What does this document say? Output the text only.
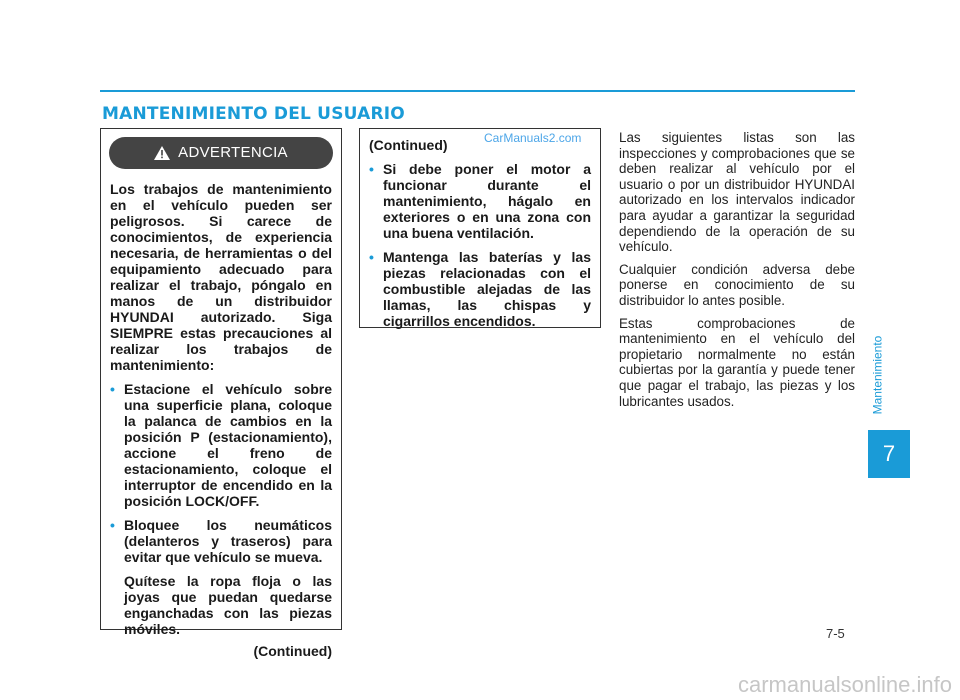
MANTENIMIENTO DEL USUARIO
ADVERTENCIA

Los trabajos de mantenimiento en el vehículo pueden ser peligrosos. Si carece de conocimientos, de experiencia necesaria, de herramientas o del equipamiento adecuado para realizar el trabajo, póngalo en manos de un distribuidor HYUNDAI autorizado. Siga SIEMPRE estas precauciones al realizar los trabajos de mantenimiento:

• Estacione el vehículo sobre una superficie plana, coloque la palanca de cambios en la posición P (estacionamiento), accione el freno de estacionamiento, coloque el interruptor de encendido en la posición LOCK/OFF.

• Bloquee los neumáticos (delanteros y traseros) para evitar que vehículo se mueva.

Quítese la ropa floja o las joyas que puedan quedarse enganchadas con las piezas móviles.

(Continued)

(Continued)

• Si debe poner el motor a funcionar durante el mantenimiento, hágalo en exteriores o en una zona con una buena ventilación.

• Mantenga las baterías y las piezas relacionadas con el combustible alejadas de las llamas, las chispas y cigarrillos encendidos.

CarManuals2.com	Las siguientes listas son las inspecciones y comprobaciones que se deben realizar al vehículo por el usuario o por un distribuidor HYUNDAI autorizado en los intervalos indicador para ayudar a garantizar la seguridad dependiendo de la operación de su vehículo.

Cualquier condición adversa debe ponerse en conocimiento de su distribuidor lo antes posible.

Estas comprobaciones de mantenimiento en el vehículo del propietario normalmente no están cubiertas por la garantía y puede tener que pagar el trabajo, las piezas y los lubricantes usados.	Mantenimiento
7
7-5
carmanualsonline.info
